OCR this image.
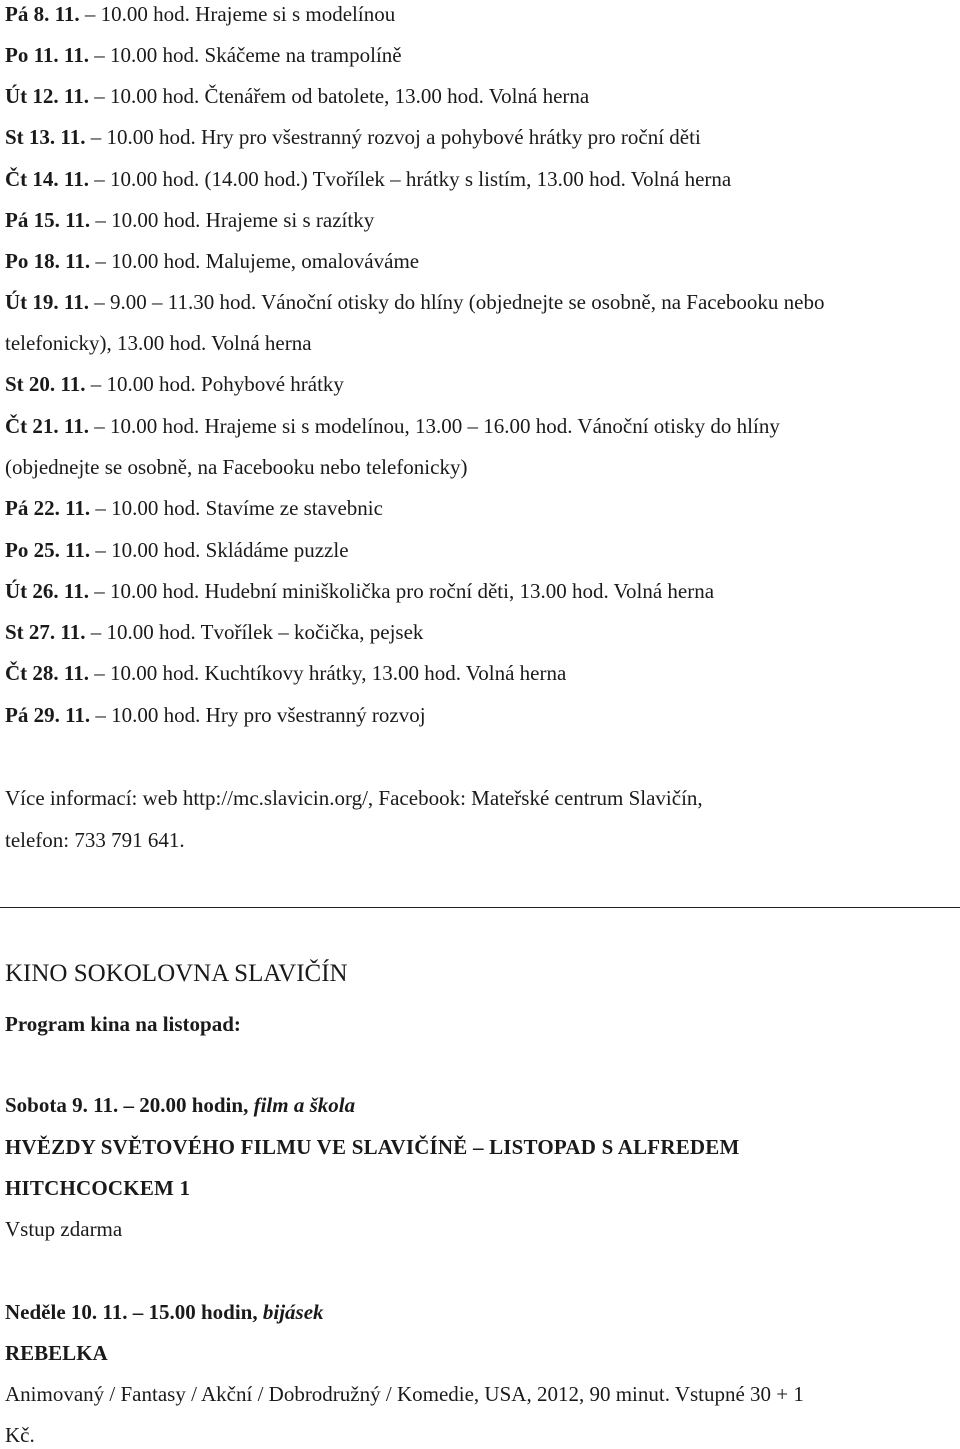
Pá 8. 11. – 10.00 hod. Hrajeme si s modelínou
Po 11. 11. – 10.00 hod. Skáčeme na trampolíně
Út 12. 11. – 10.00 hod. Čtenářem od batolete, 13.00 hod. Volná herna
St 13. 11. – 10.00 hod. Hry pro všestranný rozvoj a pohybové hrátky pro roční děti
Čt 14. 11. – 10.00 hod. (14.00 hod.) Tvořílek – hrátky s listím, 13.00 hod. Volná herna
Pá 15. 11. – 10.00 hod. Hrajeme si s razítky
Po 18. 11. – 10.00 hod. Malujeme, omalováváme
Út 19. 11. – 9.00 – 11.30 hod. Vánoční otisky do hlíny (objednejte se osobně, na Facebooku nebo
telefonicky), 13.00 hod. Volná herna
St 20. 11. – 10.00 hod. Pohybové hrátky
Čt 21. 11. – 10.00 hod. Hrajeme si s modelínou, 13.00 – 16.00 hod. Vánoční otisky do hlíny
(objednejte se osobně, na Facebooku nebo telefonicky)
Pá 22. 11. – 10.00 hod. Stavíme ze stavebnic
Po 25. 11. – 10.00 hod. Skládáme puzzle
Út 26. 11. – 10.00 hod. Hudební miniškolička pro roční děti, 13.00 hod. Volná herna
St 27. 11. – 10.00 hod. Tvořílek – kočička, pejsek
Čt 28. 11. – 10.00 hod. Kuchtíkovy hrátky, 13.00 hod. Volná herna
Pá 29. 11. – 10.00 hod. Hry pro všestranný rozvoj
Více informací: web http://mc.slavicin.org/, Facebook: Mateřské centrum Slavičín,
telefon: 733 791 641.
KINO SOKOLOVNA SLAVIČÍN
Program kina na listopad:
Sobota 9. 11. – 20.00 hodin, film a škola
HVĚZDY SVĚTOVÉHO FILMU VE SLAVIČÍNĚ – LISTOPAD S ALFREDEM
HITCHCOCKEM 1
Vstup zdarma
Neděle 10. 11. – 15.00 hodin, bijásek
REBELKA
Animovaný / Fantasy / Akční / Dobrodružný / Komedie, USA, 2012, 90 minut. Vstupné 30 + 1
Kč.
